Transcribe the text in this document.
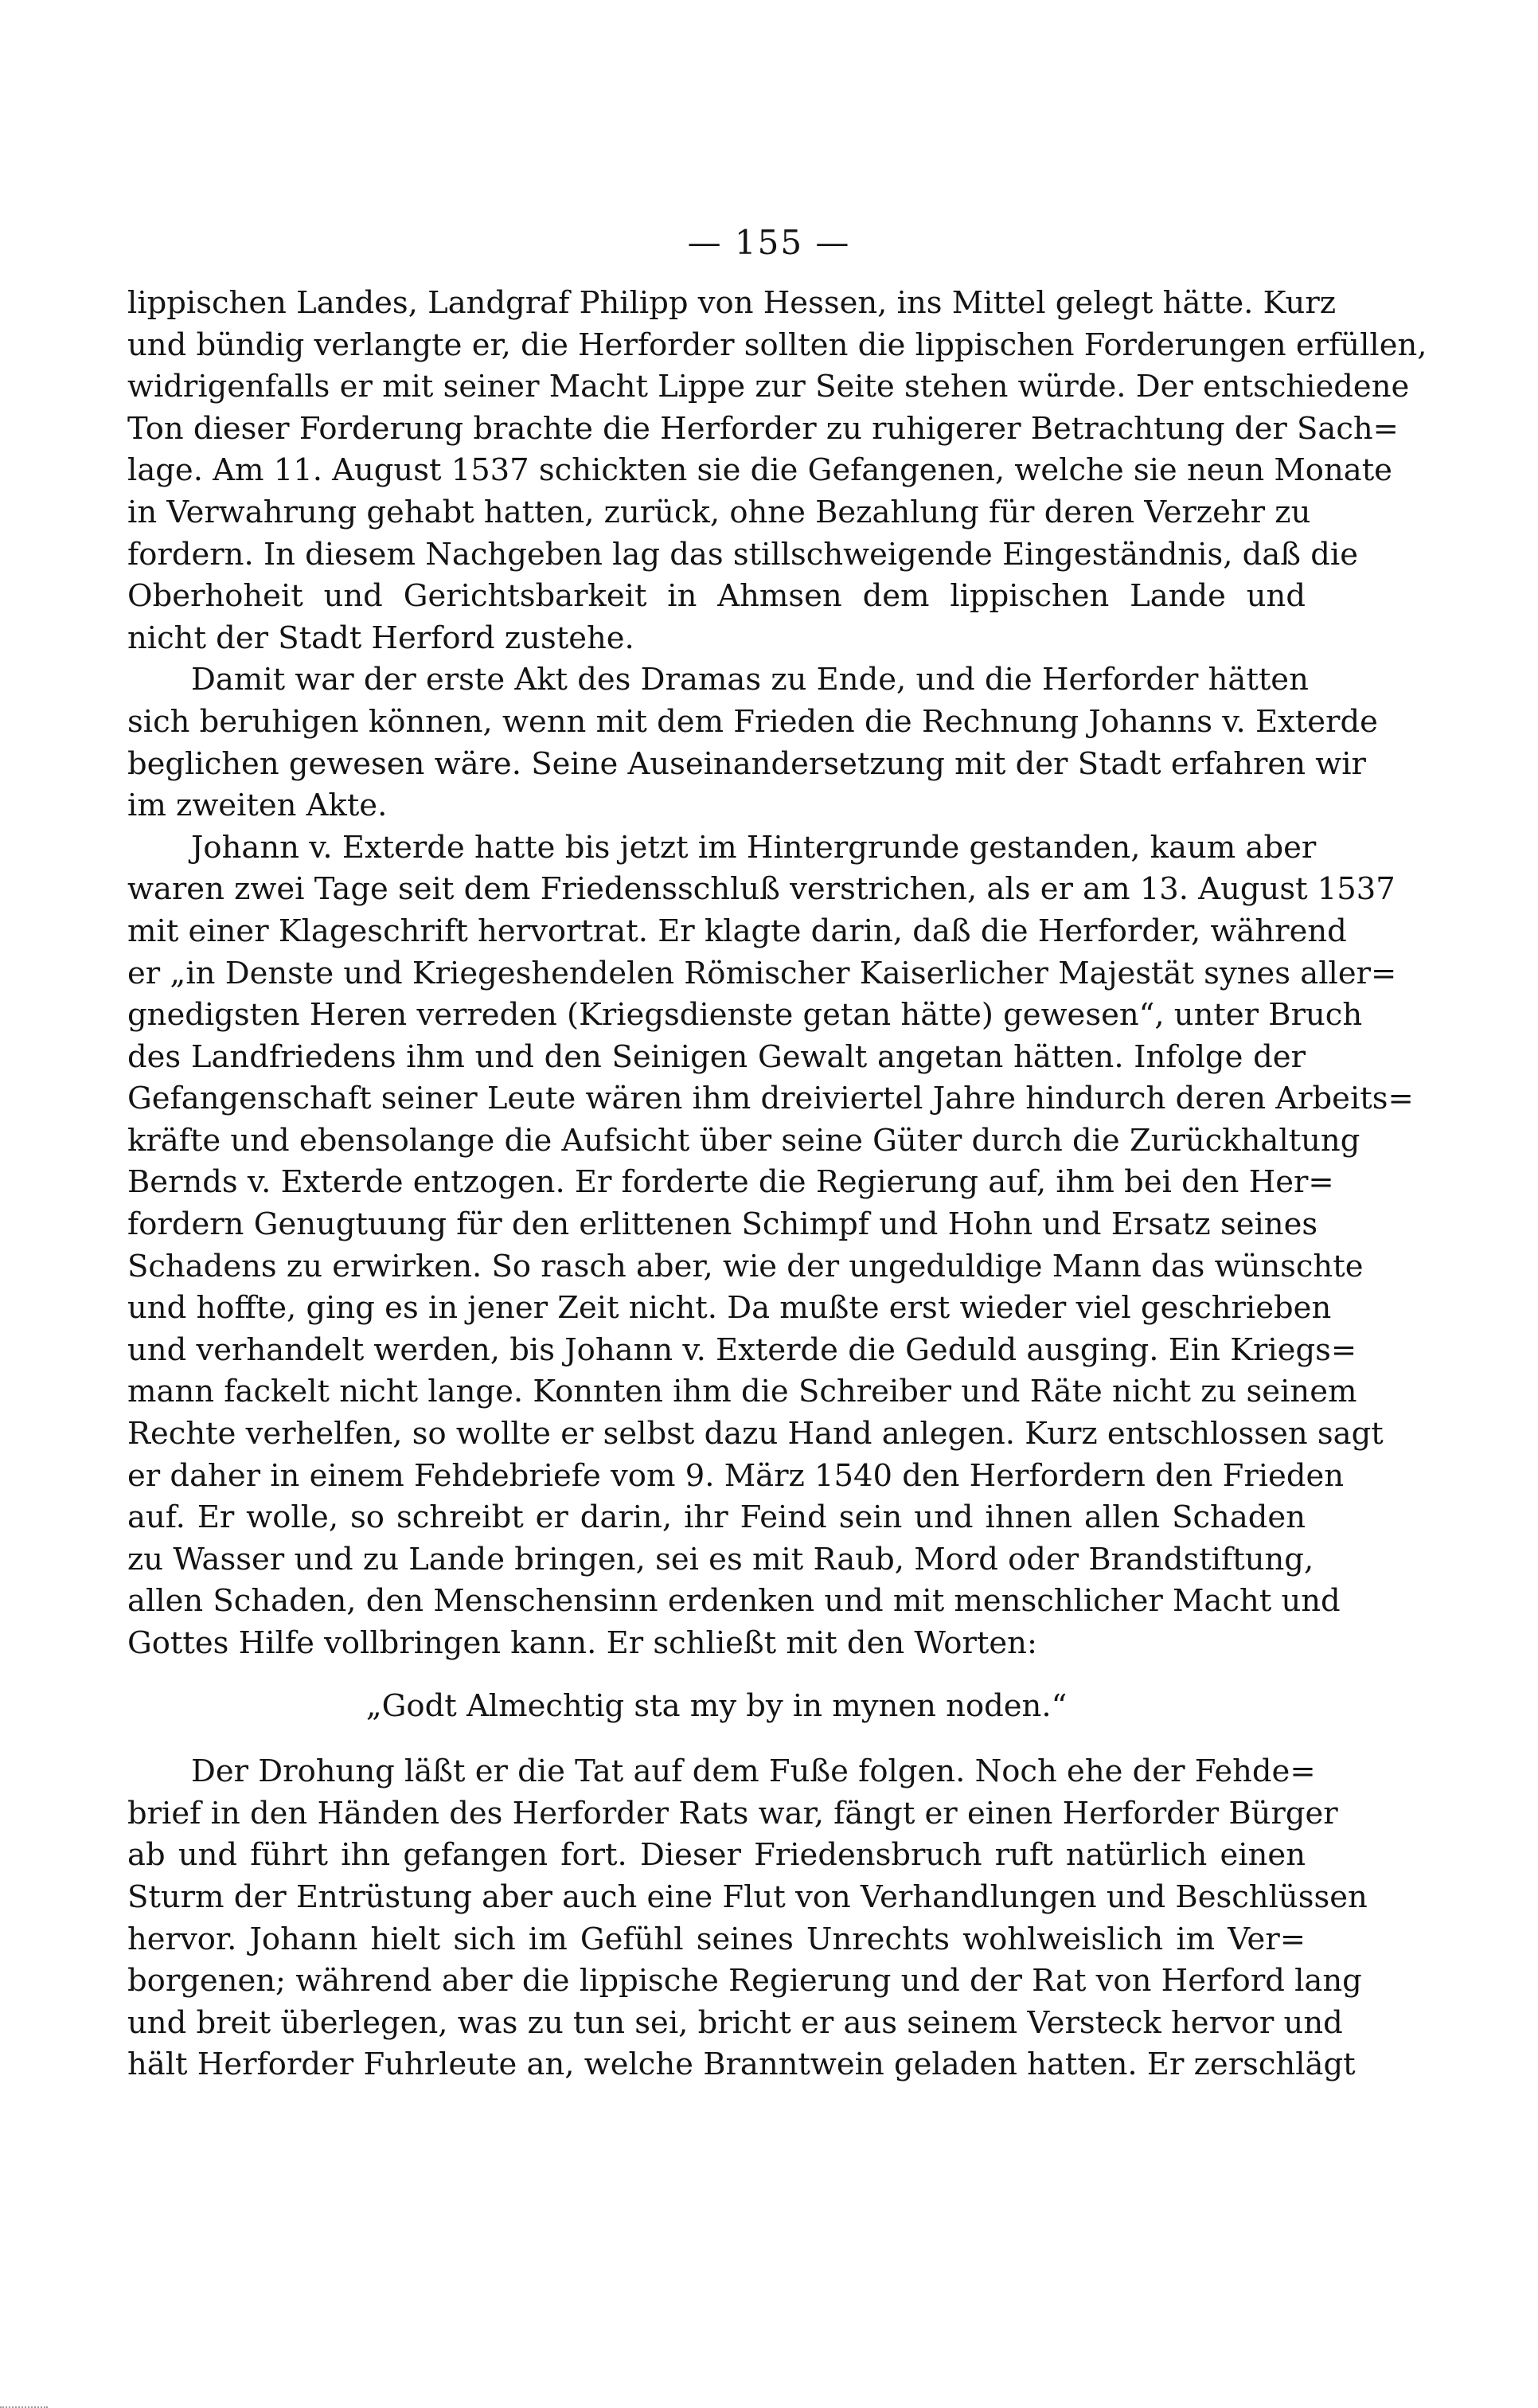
— 155 —
lippischen Landes, Landgraf Philipp von Hessen, ins Mittel gelegt hätte. Kurz
und bündig verlangte er, die Herforder sollten die lippischen Forderungen erfüllen,
widrigenfalls er mit seiner Macht Lippe zur Seite stehen würde. Der entschiedene
Ton dieser Forderung brachte die Herforder zu ruhigerer Betrachtung der Sach=
lage. Am 11. August 1537 schickten sie die Gefangenen, welche sie neun Monate
in Verwahrung gehabt hatten, zurück, ohne Bezahlung für deren Verzehr zu
fordern. In diesem Nachgeben lag das stillschweigende Eingeständnis, daß die
Oberhoheit und Gerichtsbarkeit in Ahmsen dem lippischen Lande und
nicht der Stadt Herford zustehe.
Damit war der erste Akt des Dramas zu Ende, und die Herforder hätten
sich beruhigen können, wenn mit dem Frieden die Rechnung Johanns v. Exterde
beglichen gewesen wäre. Seine Auseinandersetzung mit der Stadt erfahren wir
im zweiten Akte.
Johann v. Exterde hatte bis jetzt im Hintergrunde gestanden, kaum aber
waren zwei Tage seit dem Friedensschluß verstrichen, als er am 13. August 1537
mit einer Klageschrift hervortrat. Er klagte darin, daß die Herforder, während
er „in Denste und Kriegeshendelen Römischer Kaiserlicher Majestät synes aller=
gnedigsten Heren verreden (Kriegsdienste getan hätte) gewesen“, unter Bruch
des Landfriedens ihm und den Seinigen Gewalt angetan hätten. Infolge der
Gefangenschaft seiner Leute wären ihm dreiviertel Jahre hindurch deren Arbeits=
kräfte und ebensolange die Aufsicht über seine Güter durch die Zurückhaltung
Bernds v. Exterde entzogen. Er forderte die Regierung auf, ihm bei den Her=
fordern Genugtuung für den erlittenen Schimpf und Hohn und Ersatz seines
Schadens zu erwirken. So rasch aber, wie der ungeduldige Mann das wünschte
und hoffte, ging es in jener Zeit nicht. Da mußte erst wieder viel geschrieben
und verhandelt werden, bis Johann v. Exterde die Geduld ausging. Ein Kriegs=
mann fackelt nicht lange. Konnten ihm die Schreiber und Räte nicht zu seinem
Rechte verhelfen, so wollte er selbst dazu Hand anlegen. Kurz entschlossen sagt
er daher in einem Fehdebriefe vom 9. März 1540 den Herfordern den Frieden
auf. Er wolle, so schreibt er darin, ihr Feind sein und ihnen allen Schaden
zu Wasser und zu Lande bringen, sei es mit Raub, Mord oder Brandstiftung,
allen Schaden, den Menschensinn erdenken und mit menschlicher Macht und
Gottes Hilfe vollbringen kann. Er schließt mit den Worten:
„Godt Almechtig sta my by in mynen noden.“
Der Drohung läßt er die Tat auf dem Fuße folgen. Noch ehe der Fehde=
brief in den Händen des Herforder Rats war, fängt er einen Herforder Bürger
ab und führt ihn gefangen fort. Dieser Friedensbruch ruft natürlich einen
Sturm der Entrüstung aber auch eine Flut von Verhandlungen und Beschlüssen
hervor. Johann hielt sich im Gefühl seines Unrechts wohlweislich im Ver=
borgenen; während aber die lippische Regierung und der Rat von Herford lang
und breit überlegen, was zu tun sei, bricht er aus seinem Versteck hervor und
hält Herforder Fuhrleute an, welche Branntwein geladen hatten. Er zerschlägt
